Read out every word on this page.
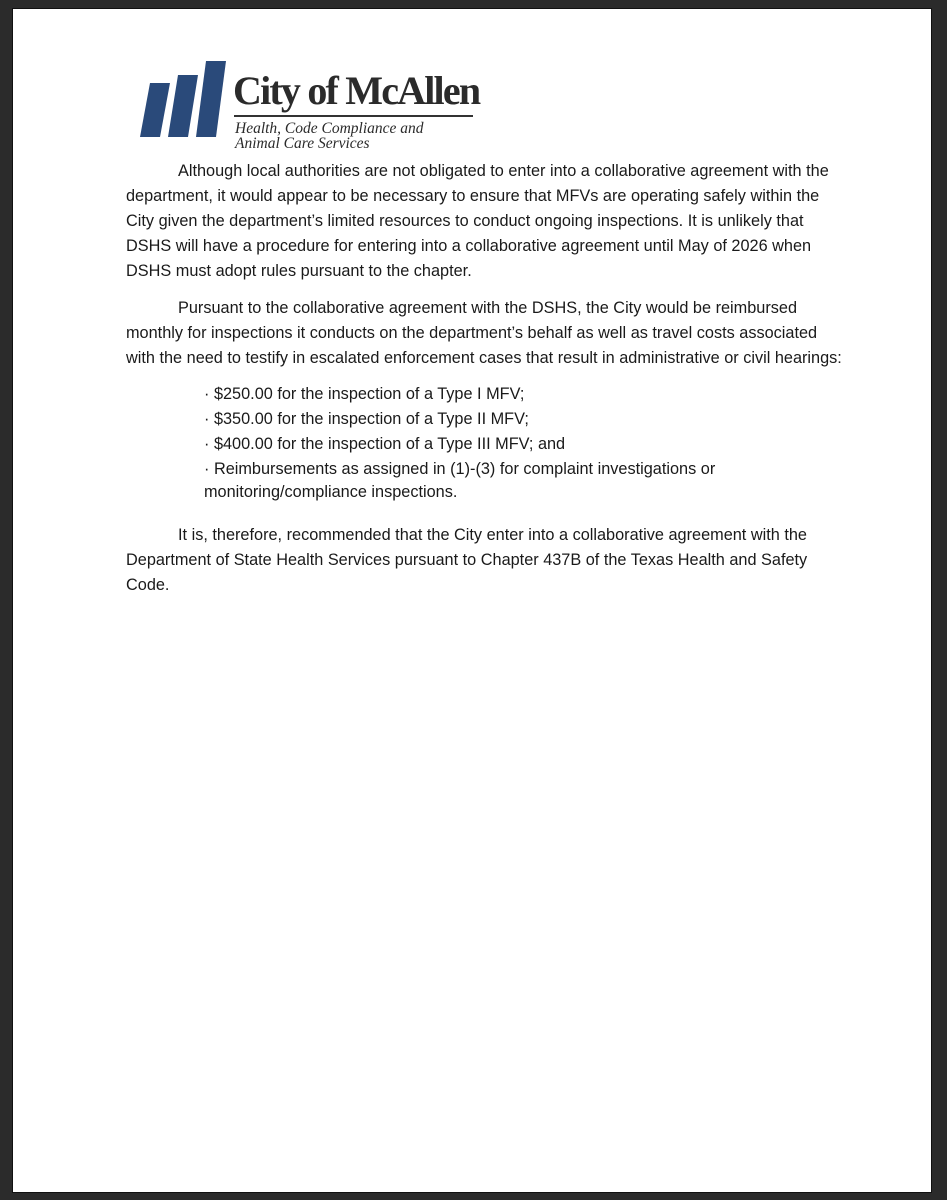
City of McAllen
Health, Code Compliance and
Animal Care Services

Although local authorities are not obligated to enter into a collaborative agreement with the department, it would appear to be necessary to ensure that MFVs are operating safely within the City given the department’s limited resources to conduct ongoing inspections. It is unlikely that DSHS will have a procedure for entering into a collaborative agreement until May of 2026 when DSHS must adopt rules pursuant to the chapter.

Pursuant to the collaborative agreement with the DSHS, the City would be reimbursed monthly for inspections it conducts on the department’s behalf as well as travel costs associated with the need to testify in escalated enforcement cases that result in administrative or civil hearings:

· $250.00 for the inspection of a Type I MFV;
· $350.00 for the inspection of a Type II MFV;
· $400.00 for the inspection of a Type III MFV; and
· Reimbursements as assigned in (1)-(3) for complaint investigations or monitoring/compliance inspections.

It is, therefore, recommended that the City enter into a collaborative agreement with the Department of State Health Services pursuant to Chapter 437B of the Texas Health and Safety Code.
